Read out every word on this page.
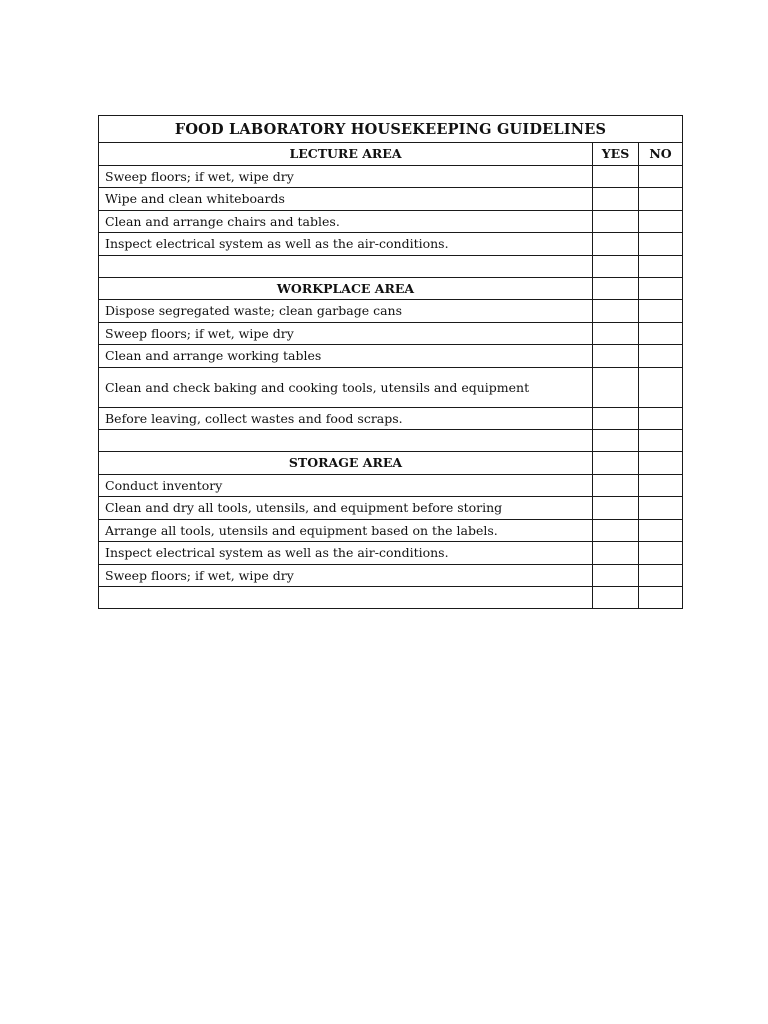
FOOD LABORATORY HOUSEKEEPING GUIDELINES		
LECTURE AREA	YES	NO
Sweep floors; if wet, wipe dry		
Wipe and clean whiteboards		
Clean and arrange chairs and tables.		
Inspect electrical system as well as the air-conditions.		

WORKPLACE AREA		
Dispose segregated waste; clean garbage cans		
Sweep floors; if wet, wipe dry		
Clean and arrange working tables		
Clean and check baking and cooking tools, utensils and equipment		
Before leaving, collect wastes and food scraps.		

STORAGE AREA		
Conduct inventory		
Clean and dry all tools, utensils, and equipment before storing		
Arrange all tools, utensils and equipment based on the labels.		
Inspect electrical system as well as the air-conditions.		
Sweep floors; if wet, wipe dry		
